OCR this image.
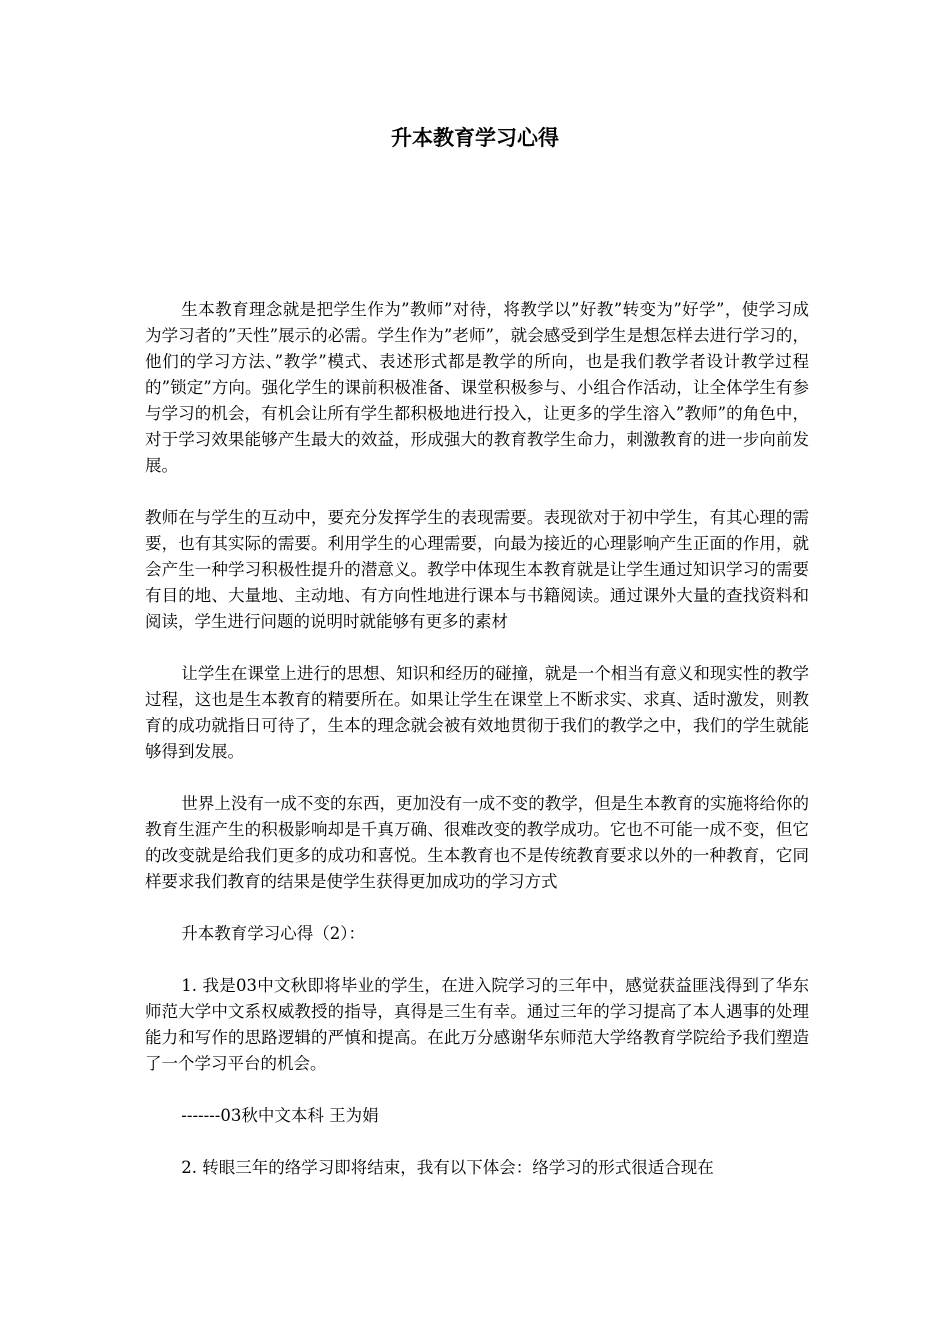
升本教育学习心得

生本教育理念就是把学生作为”教师”对待，将教学以”好教”转变为”好学”，使学习成为学习者的”天性”展示的必需。学生作为”老师”，就会感受到学生是想怎样去进行学习的，他们的学习方法、”教学”模式、表述形式都是教学的所向，也是我们教学者设计教学过程的”锁定”方向。强化学生的课前积极准备、课堂积极参与、小组合作活动，让全体学生有参与学习的机会，有机会让所有学生都积极地进行投入，让更多的学生溶入”教师”的角色中，对于学习效果能够产生最大的效益，形成强大的教育教学生命力，刺激教育的进一步向前发展。

教师在与学生的互动中，要充分发挥学生的表现需要。表现欲对于初中学生，有其心理的需要，也有其实际的需要。利用学生的心理需要，向最为接近的心理影响产生正面的作用，就会产生一种学习积极性提升的潜意义。教学中体现生本教育就是让学生通过知识学习的需要有目的地、大量地、主动地、有方向性地进行课本与书籍阅读。通过课外大量的查找资料和阅读，学生进行问题的说明时就能够有更多的素材

让学生在课堂上进行的思想、知识和经历的碰撞，就是一个相当有意义和现实性的教学过程，这也是生本教育的精要所在。如果让学生在课堂上不断求实、求真、适时激发，则教育的成功就指日可待了，生本的理念就会被有效地贯彻于我们的教学之中，我们的学生就能够得到发展。

世界上没有一成不变的东西，更加没有一成不变的教学，但是生本教育的实施将给你的教育生涯产生的积极影响却是千真万确、很难改变的教学成功。它也不可能一成不变，但它的改变就是给我们更多的成功和喜悦。生本教育也不是传统教育要求以外的一种教育，它同样要求我们教育的结果是使学生获得更加成功的学习方式

升本教育学习心得（2）：

1. 我是03中文秋即将毕业的学生，在进入院学习的三年中，感觉获益匪浅得到了华东师范大学中文系权威教授的指导，真得是三生有幸。通过三年的学习提高了本人遇事的处理能力和写作的思路逻辑的严慎和提高。在此万分感谢华东师范大学络教育学院给予我们塑造了一个学习平台的机会。

-------03秋中文本科 王为娟

2. 转眼三年的络学习即将结束，我有以下体会：络学习的形式很适合现在
